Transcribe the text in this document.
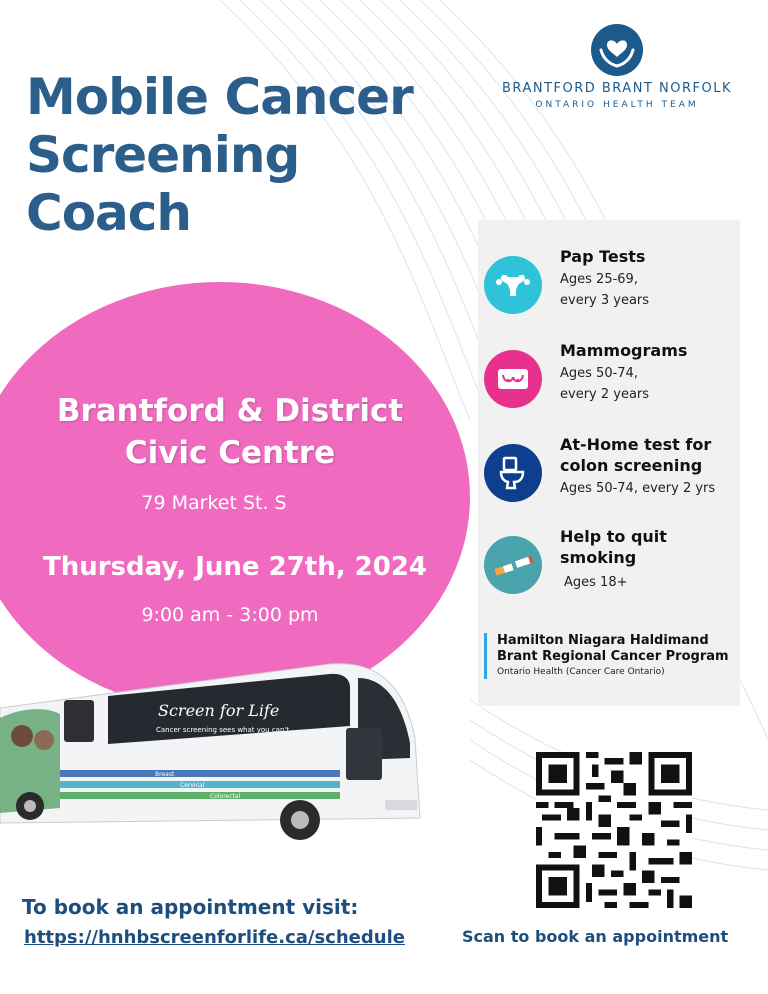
Mobile Cancer
Screening
Coach
BRANTFORD BRANT NORFOLK
ONTARIO HEALTH TEAM
Brantford & District
Civic Centre
79 Market St. S
Thursday, June 27th, 2024
9:00 am - 3:00 pm
Pap Tests
Ages 25-69,
every 3 years
Mammograms
Ages 50-74,
every 2 years
At-Home test for
colon screening
Ages 50-74, every 2 yrs
Help to quit
smoking
Ages 18+
Hamilton Niagara Haldimand
Brant Regional Cancer Program
Ontario Health (Cancer Care Ontario)
Screen for Life
Cancer screening sees what you can't
Breast
Cervical
Colorectal
To book an appointment visit:
https://hnhbscreenforlife.ca/schedule	Scan to book an appointment
